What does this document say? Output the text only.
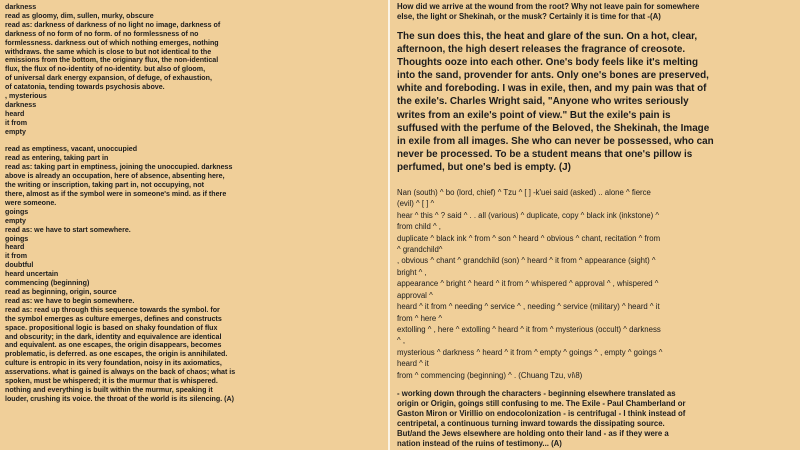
darkness
read as gloomy, dim, sullen, murky, obscure
read as: darkness of darkness of no light no image, darkness of
darkness of no form of no form. of no formlessness of no
formlessness. darkness out of which nothing emerges, nothing
withdraws. the same which is close to but not identical to the
emissions from the bottom, the originary flux, the non-identical
flux, the flux of no-identity of no-identity. but also of gloom,
of universal dark energy expansion, of defuge, of exhaustion,
of catatonia, tending towards psychosis above.
, mysterious
darkness
heard
it from
empty
read as emptiness, vacant, unoccupied
read as entering, taking part in
read as: taking part in emptiness, joining the unoccupied. darkness
above is already an occupation, here of absence, absenting here,
the writing or inscription, taking part in, not occupying, not
there, almost as if the symbol were in someone's mind. as if there
were someone.
goings
empty
read as: we have to start somewhere.
goings
heard
it from
doubtful
heard uncertain
commencing (beginning)
read as beginning, origin, source
read as: we have to begin somewhere.
read as: read up through this sequence towards the symbol. for
the symbol emerges as culture emerges, defines and constructs
space. propositional logic is based on shaky foundation of flux
and obscurity; in the dark, identity and equivalence are identical
and equivalent. as one escapes, the origin disappears, becomes
problematic, is deferred. as one escapes, the origin is annihilated.
culture is entropic in its very foundation, noisy in its axiomatics,
asservations. what is gained is always on the back of chaos; what is
spoken, must be whispered; it is the murmur that is whispered.
nothing and everything is built within the murmur, speaking it
louder, crushing its voice. the throat of the world is its silencing. (A)
How did we arrive at the wound from the root? Why not leave pain for somewhere
else, the light or Shekinah, or the musk? Certainly it is time for that -(A)
The sun does this, the heat and glare of the sun. On a hot, clear,
afternoon, the high desert releases the fragrance of creosote.
Thoughts ooze into each other. One's body feels like it's melting
into the sand, provender for ants. Only one's bones are preserved,
white and foreboding. I was in exile, then, and my pain was that of
the exile's. Charles Wright said, "Anyone who writes seriously
writes from an exile's point of view." But the exile's pain is
suffused with the perfume of the Beloved, the Shekinah, the Image
in exile from all images. She who can never be possessed, who can
never be processed. To be a student means that one's pillow is
perfumed, but one's bed is empty. (J)
Nan (south) ^ bo (lord, chief) ^ Tzu ^ [ ] -k'uei said (asked) .. alone ^ fierce
(evil) ^ [ ] ^
hear ^ this ^ ? said ^ . . all (various) ^ duplicate, copy ^ black ink (inkstone) ^
from child ^ ,
duplicate ^ black ink ^ from ^ son ^ heard ^ obvious ^ chant, recitation ^ from
^ grandchild^
, obvious ^ chant ^ grandchild (son) ^ heard ^ it from ^ appearance (sight) ^
bright ^ ,
appearance ^ bright ^ heard ^ it from ^ whispered ^ approval ^ , whispered ^
approval ^
heard ^ it from ^ needing ^ service ^ , needing ^ service (military) ^ heard ^ it
from ^ here ^
extolling ^ , here ^ extolling ^ heard ^ it from ^ mysterious (occult) ^ darkness
^ ,
mysterious ^ darkness ^ heard ^ it from ^ empty ^ goings ^ , empty ^ goings ^
heard ^ it
from ^ commencing (beginning) ^ . (Chuang Tzu, vi\8)
- working down through the characters - beginning elsewhere translated as
origin or Origin, goings still confusing to me. The Exile - Paul Chamberland or
Gaston Miron or Virillio on endocolonization - is centrifugal - I think instead of
centripetal, a continuous turning inward towards the dissipating source.
But/and the Jews elsewhere are holding onto their land - as if they were a
nation instead of the ruins of testimony... (A)
